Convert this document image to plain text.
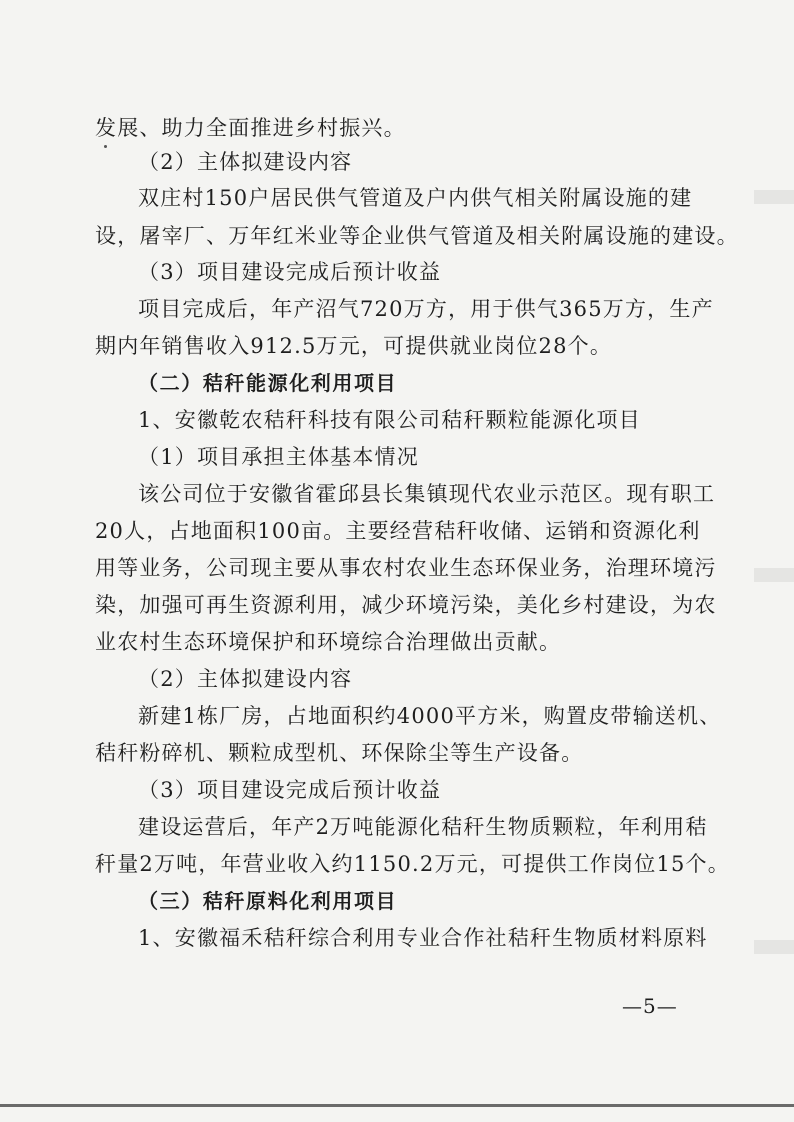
发展、助力全面推进乡村振兴。
（2）主体拟建设内容
双庄村150户居民供气管道及户内供气相关附属设施的建
设，屠宰厂、万年红米业等企业供气管道及相关附属设施的建设。
（3）项目建设完成后预计收益
项目完成后，年产沼气720万方，用于供气365万方，生产
期内年销售收入912.5万元，可提供就业岗位28个。
（二）秸秆能源化利用项目
1、安徽乾农秸秆科技有限公司秸秆颗粒能源化项目
（1）项目承担主体基本情况
该公司位于安徽省霍邱县长集镇现代农业示范区。现有职工
20人，占地面积100亩。主要经营秸秆收储、运销和资源化利
用等业务，公司现主要从事农村农业生态环保业务，治理环境污
染，加强可再生资源利用，减少环境污染，美化乡村建设，为农
业农村生态环境保护和环境综合治理做出贡献。
（2）主体拟建设内容
新建1栋厂房，占地面积约4000平方米，购置皮带输送机、
秸秆粉碎机、颗粒成型机、环保除尘等生产设备。
（3）项目建设完成后预计收益
建设运营后，年产2万吨能源化秸秆生物质颗粒，年利用秸
秆量2万吨，年营业收入约1150.2万元，可提供工作岗位15个。
（三）秸秆原料化利用项目
1、安徽福禾秸秆综合利用专业合作社秸秆生物质材料原料
—5—
